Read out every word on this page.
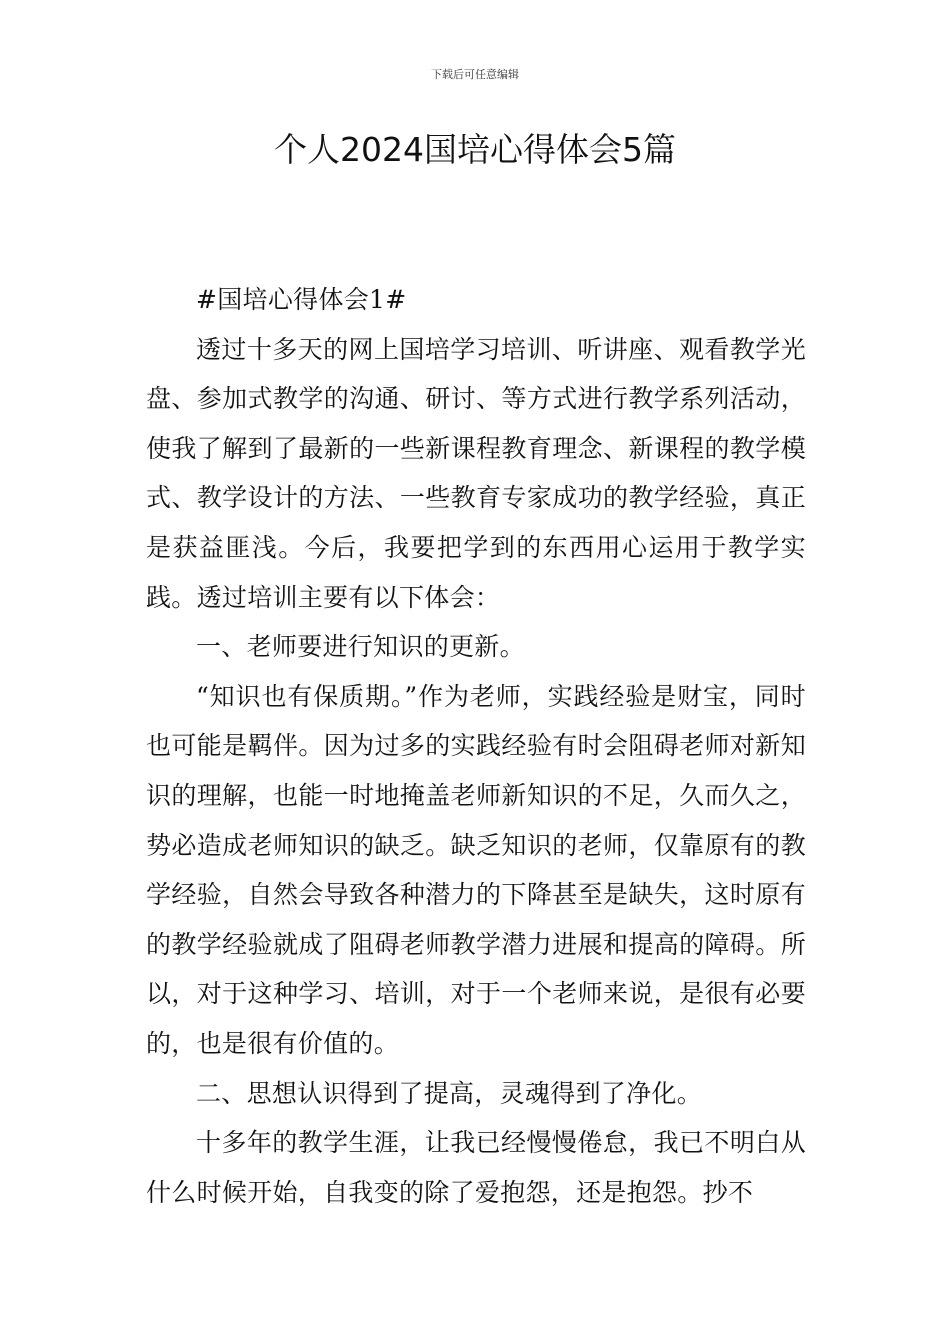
下载后可任意编辑
个人2024国培心得体会5篇

#国培心得体会1#

透过十多天的网上国培学习培训、听讲座、观看教学光盘、参加式教学的沟通、研讨、等方式进行教学系列活动，使我了解到了最新的一些新课程教育理念、新课程的教学模式、教学设计的方法、一些教育专家成功的教学经验，真正是获益匪浅。今后，我要把学到的东西用心运用于教学实践。透过培训主要有以下体会：

一、老师要进行知识的更新。

“知识也有保质期。”作为老师，实践经验是财宝，同时也可能是羁伴。因为过多的实践经验有时会阻碍老师对新知识的理解，也能一时地掩盖老师新知识的不足，久而久之，势必造成老师知识的缺乏。缺乏知识的老师，仅靠原有的教学经验，自然会导致各种潜力的下降甚至是缺失，这时原有的教学经验就成了阻碍老师教学潜力进展和提高的障碍。所以，对于这种学习、培训，对于一个老师来说，是很有必要的，也是很有价值的。

二、思想认识得到了提高，灵魂得到了净化。

十多年的教学生涯，让我已经慢慢倦怠，我已不明白从什么时候开始，自我变的除了爱抱怨，还是抱怨。抄不
